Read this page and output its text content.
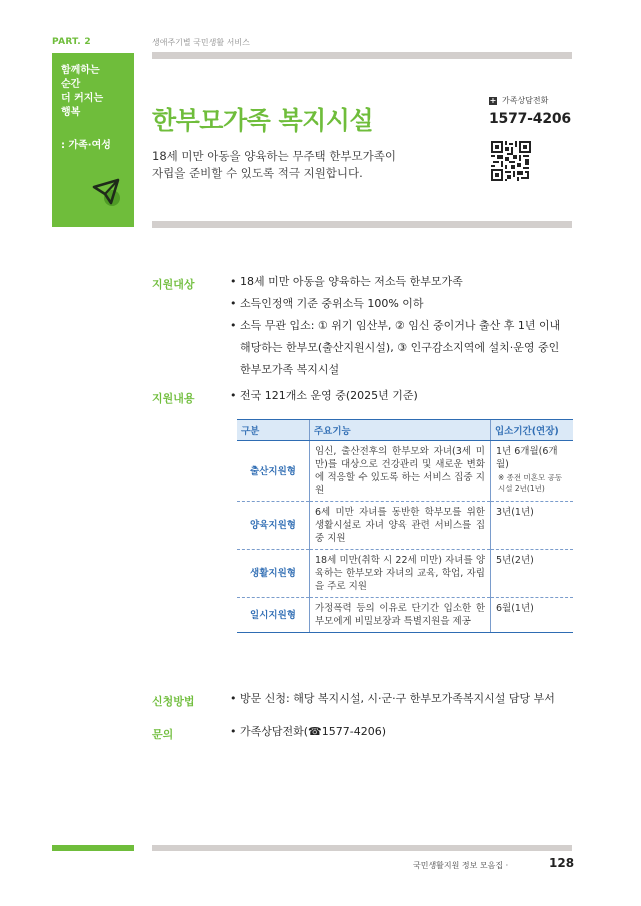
PART. 2	생애주기별 국민생활 서비스
함께하는
순간
더 커지는
행복
: 가족·여성
한부모가족 복지시설
18세 미만 아동을 양육하는 무주택 한부모가족이
자립을 준비할 수 있도록 적극 지원합니다.
+ 가족상담전화
1577-4206
지원대상	• 18세 미만 아동을 양육하는 저소득 한부모가족
• 소득인정액 기준 중위소득 100% 이하
• 소득 무관 입소: ① 위기 임산부, ② 임신 중이거나 출산 후 1년 이내
해당하는 한부모(출산지원시설), ③ 인구감소지역에 설치·운영 중인
한부모가족 복지시설
지원내용	• 전국 121개소 운영 중(2025년 기준)
구분	주요기능	입소기간(연장)
출산지원형	임신, 출산전후의 한부모와 자녀(3세 미만)를 대상으로 건강관리 및 새로운 변화에 적응할 수 있도록 하는 서비스 집중 지원	1년 6개월(6개월)
※ 종전 미혼모 공동 시설 2년(1년)

양육지원형	6세 미만 자녀를 동반한 학부모를 위한 생활시설로 자녀 양육 관련 서비스를 집중 지원	3년(1년)
생활지원형	18세 미만(취학 시 22세 미만) 자녀를 양육하는 한부모와 자녀의 교육, 학업, 자립을 주로 지원	5년(2년)
일시지원형	가정폭력 등의 이유로 단기간 입소한 한부모에게 비밀보장과 특별지원을 제공	6월(1년)
신청방법	• 방문 신청: 해당 복지시설, 시·군·구 한부모가족복지시설 담당 부서
문의	• 가족상담전화(☎1577-4206)
국민생활지원 정보 모음집 ·	128
